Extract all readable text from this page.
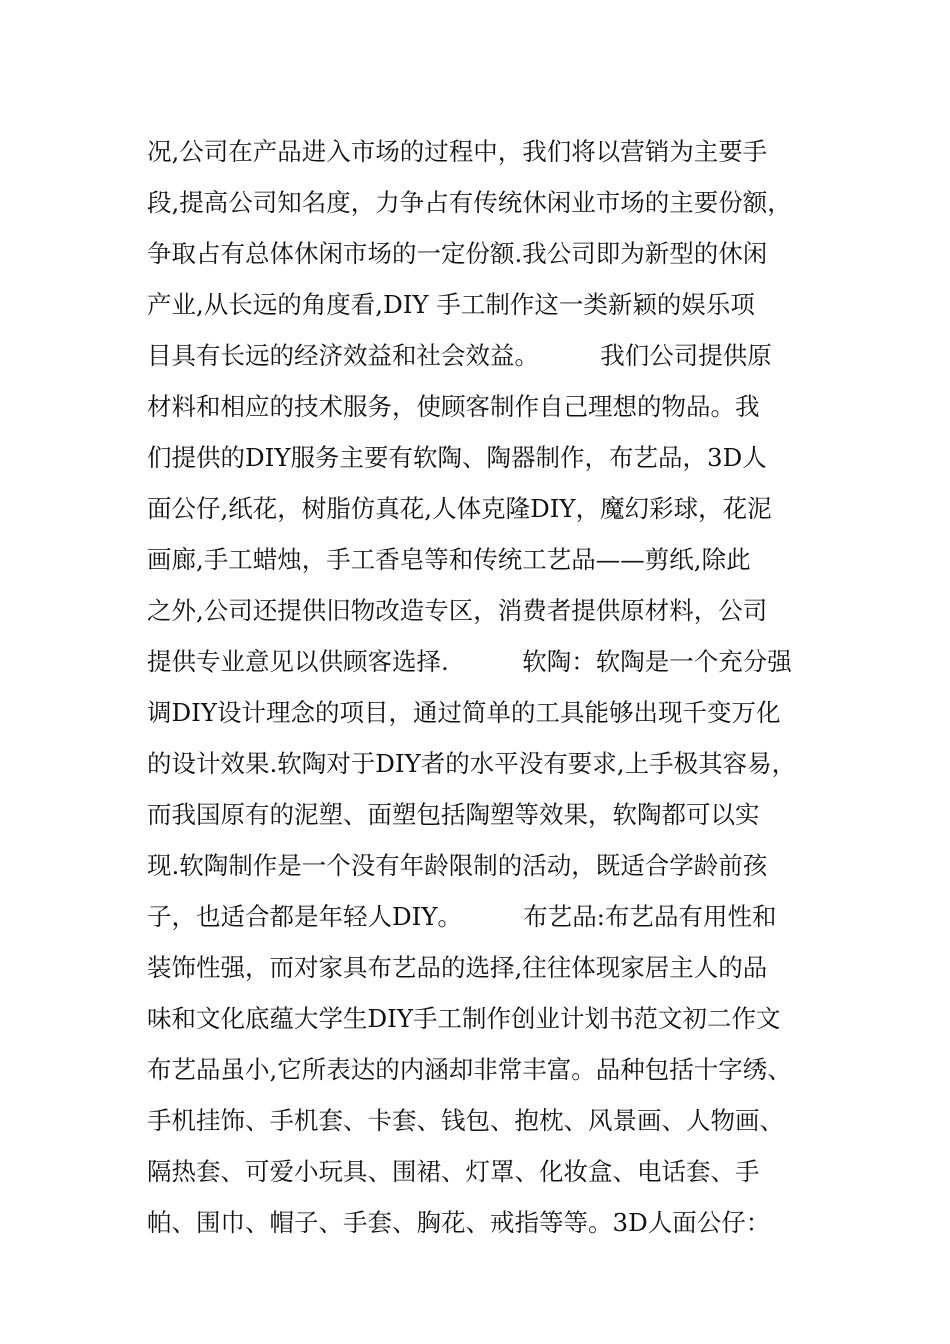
况,公司在产品进入市场的过程中，我们将以营销为主要手
段,提高公司知名度，力争占有传统休闲业市场的主要份额，
争取占有总体休闲市场的一定份额.我公司即为新型的休闲
产业,从长远的角度看,DIY 手工制作这一类新颖的娱乐项
目具有长远的经济效益和社会效益。　　　我们公司提供原
材料和相应的技术服务，使顾客制作自己理想的物品。我
们提供的DIY服务主要有软陶、陶器制作，布艺品，3D人
面公仔,纸花，树脂仿真花,人体克隆DIY，魔幻彩球，花泥
画廊,手工蜡烛，手工香皂等和传统工艺品——剪纸,除此
之外,公司还提供旧物改造专区，消费者提供原材料，公司
提供专业意见以供顾客选择.　　　软陶：软陶是一个充分强
调DIY设计理念的项目，通过简单的工具能够出现千变万化
的设计效果.软陶对于DIY者的水平没有要求,上手极其容易，
而我国原有的泥塑、面塑包括陶塑等效果，软陶都可以实
现.软陶制作是一个没有年龄限制的活动，既适合学龄前孩
子，也适合都是年轻人DIY。　　　布艺品:布艺品有用性和
装饰性强，而对家具布艺品的选择,往往体现家居主人的品
味和文化底蕴大学生DIY手工制作创业计划书范文初二作文
布艺品虽小,它所表达的内涵却非常丰富。品种包括十字绣、
手机挂饰、手机套、卡套、钱包、抱枕、风景画、人物画、
隔热套、可爱小玩具、围裙、灯罩、化妆盒、电话套、手
帕、围巾、帽子、手套、胸花、戒指等等。3D人面公仔：
